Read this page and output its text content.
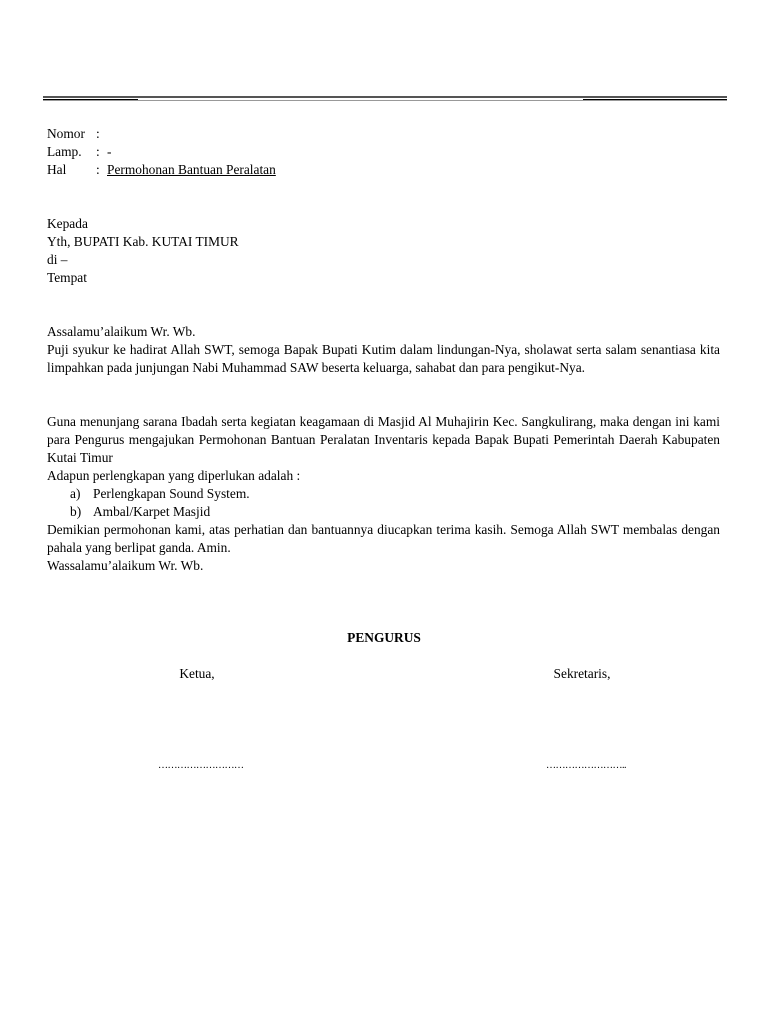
Nomor :
Lamp. : -
Hal : Permohonan Bantuan Peralatan
Kepada
Yth, BUPATI Kab. KUTAI TIMUR
di –
Tempat
Assalamu’alaikum Wr. Wb.
Puji syukur ke hadirat Allah SWT, semoga Bapak Bupati Kutim dalam lindungan-Nya, sholawat serta salam senantiasa kita limpahkan pada junjungan Nabi Muhammad SAW beserta keluarga, sahabat dan para pengikut-Nya.
Guna menunjang sarana Ibadah serta kegiatan keagamaan di Masjid Al Muhajirin Kec. Sangkulirang, maka dengan ini kami para Pengurus mengajukan Permohonan Bantuan Peralatan Inventaris kepada Bapak Bupati Pemerintah Daerah Kabupaten Kutai Timur
Adapun perlengkapan yang diperlukan adalah :
a) Perlengkapan Sound System.
b) Ambal/Karpet Masjid
Demikian permohonan kami, atas perhatian dan bantuannya diucapkan terima kasih. Semoga Allah SWT membalas dengan pahala yang berlipat ganda. Amin.
Wassalamu’alaikum Wr. Wb.
PENGURUS
Ketua,	Sekretaris,
………………………	……………………..
